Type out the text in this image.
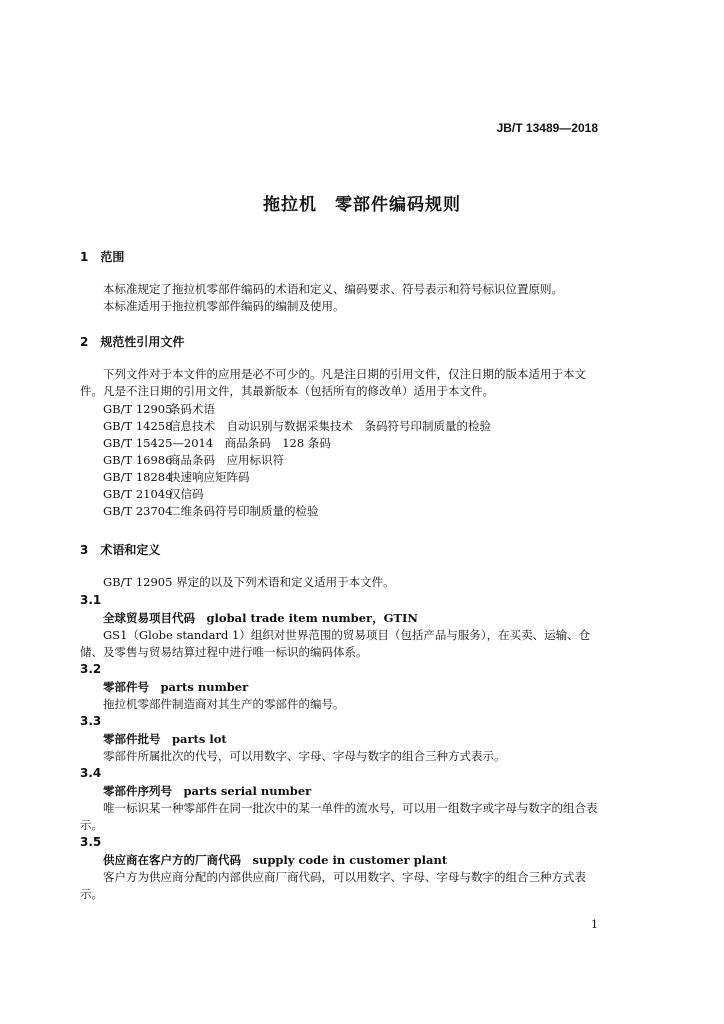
JB/T 13489—2018
拖拉机　零部件编码规则
1　范围
本标准规定了拖拉机零部件编码的术语和定义、编码要求、符号表示和符号标识位置原则。
本标准适用于拖拉机零部件编码的编制及使用。
2　规范性引用文件
下列文件对于本文件的应用是必不可少的。凡是注日期的引用文件，仅注日期的版本适用于本文件。凡是不注日期的引用文件，其最新版本（包括所有的修改单）适用于本文件。
GB/T 12905条码术语
GB/T 14258信息技术　自动识别与数据采集技术　条码符号印制质量的检验
GB/T 15425—2014　 商品条码　128 条码
GB/T 16986商品条码　应用标识符
GB/T 18284快速响应矩阵码
GB/T 21049汉信码
GB/T 23704二维条码符号印制质量的检验
3　术语和定义
GB/T 12905 界定的以及下列术语和定义适用于本文件。
3.1
全球贸易项目代码　global trade item number，GTIN
GS1（Globe standard 1）组织对世界范围的贸易项目（包括产品与服务），在买卖、运输、仓储、及零售与贸易结算过程中进行唯一标识的编码体系。
3.2
零部件号　parts number
拖拉机零部件制造商对其生产的零部件的编号。
3.3
零部件批号　parts lot
零部件所属批次的代号，可以用数字、字母、字母与数字的组合三种方式表示。
3.4
零部件序列号　parts serial number
唯一标识某一种零部件在同一批次中的某一单件的流水号，可以用一组数字或字母与数字的组合表示。
3.5
供应商在客户方的厂商代码　supply code in customer plant
客户方为供应商分配的内部供应商厂商代码，可以用数字、字母、字母与数字的组合三种方式表示。
1
